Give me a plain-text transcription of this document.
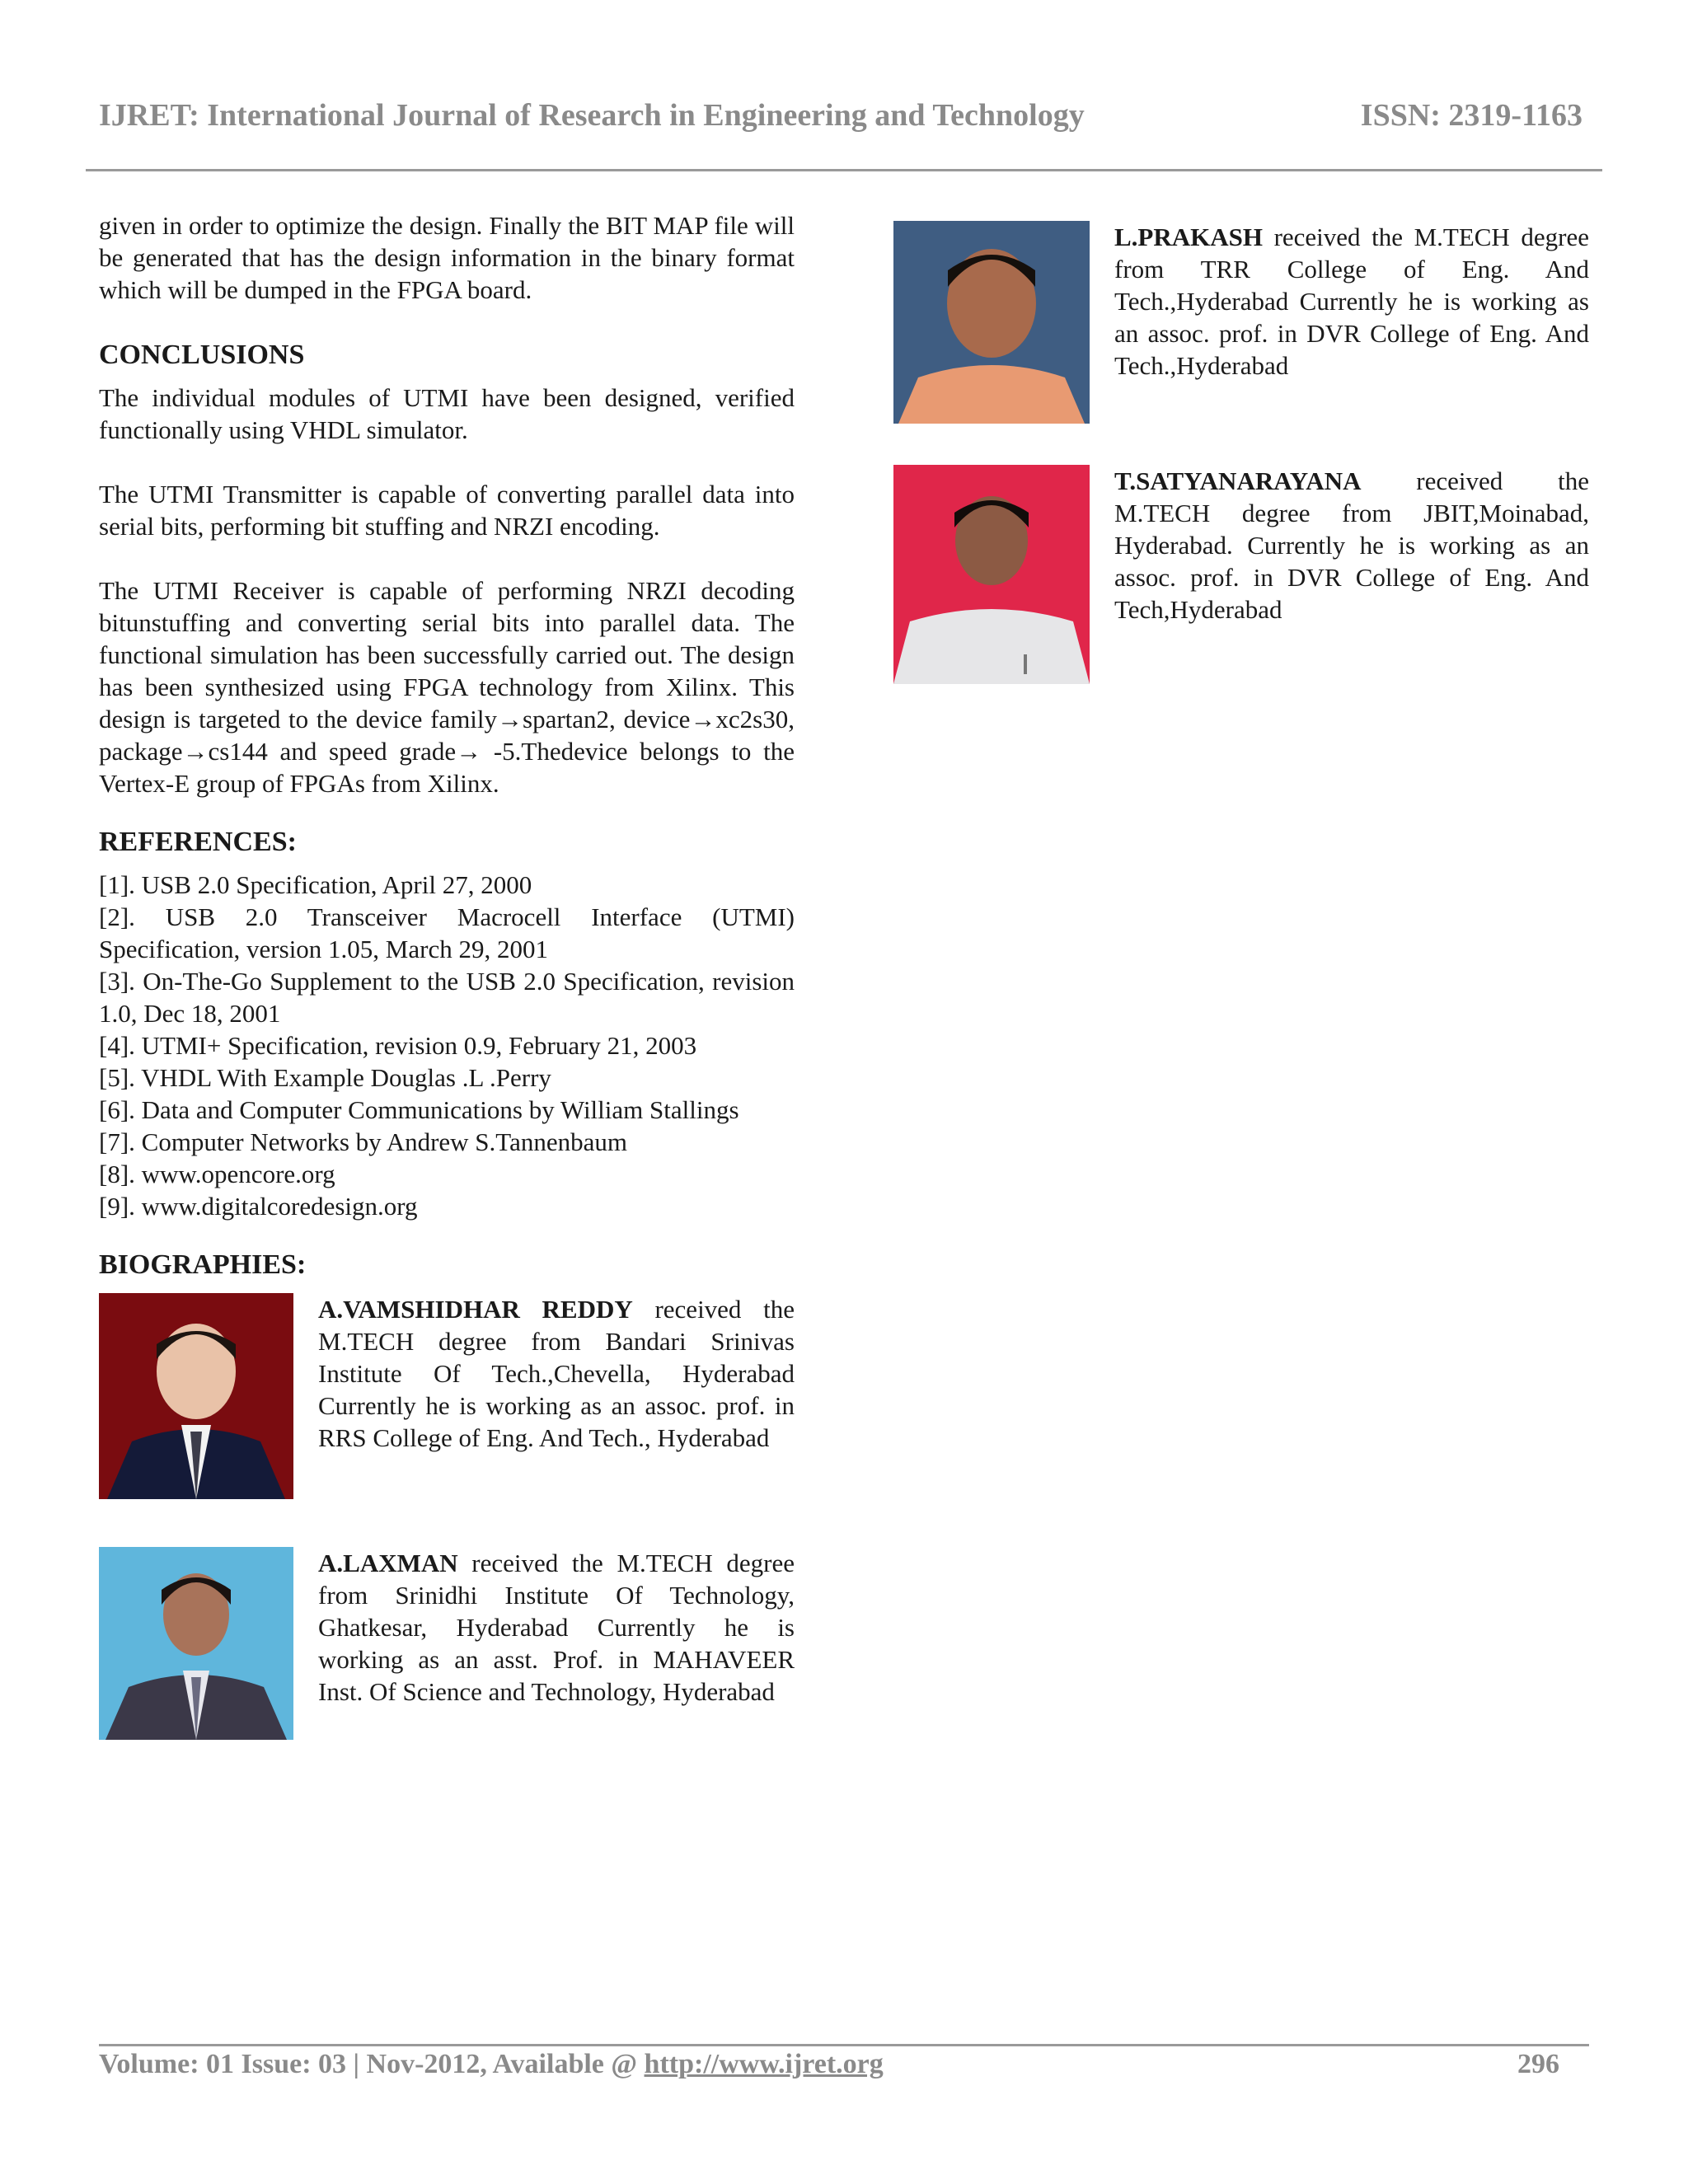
IJRET: International Journal of Research in Engineering and Technology	ISSN: 2319-1163

given in order to optimize the design. Finally the BIT MAP file will be generated that has the design information in the binary format which will be dumped in the FPGA board.

CONCLUSIONS

The individual modules of UTMI have been designed, verified functionally using VHDL simulator.

The UTMI Transmitter is capable of converting parallel data into serial bits, performing bit stuffing and NRZI encoding.

The UTMI Receiver is capable of performing NRZI decoding bitunstuffing and converting serial bits into parallel data. The functional simulation has been successfully carried out. The design has been synthesized using FPGA technology from Xilinx. This design is targeted to the device family→spartan2, device→xc2s30, package→cs144 and speed grade→ -5.Thedevice belongs to the Vertex-E group of FPGAs from Xilinx.

REFERENCES:
[1]. USB 2.0 Specification, April 27, 2000
[2]. USB 2.0 Transceiver Macrocell Interface (UTMI) Specification, version 1.05, March 29, 2001
[3]. On-The-Go Supplement to the USB 2.0 Specification, revision 1.0, Dec 18, 2001
[4]. UTMI+ Specification, revision 0.9, February 21, 2003
[5]. VHDL With Example Douglas .L .Perry
[6]. Data and Computer Communications by William Stallings
[7]. Computer Networks by Andrew S.Tannenbaum
[8]. www.opencore.org
[9]. www.digitalcoredesign.org
BIOGRAPHIES:
A.VAMSHIDHAR REDDY received the M.TECH degree from Bandari Srinivas Institute Of Tech.,Chevella, Hyderabad Currently he is working as an assoc. prof. in RRS College of Eng. And Tech., Hyderabad
A.LAXMAN received the M.TECH degree from Srinidhi Institute Of Technology, Ghatkesar, Hyderabad Currently he is working as an asst. Prof. in MAHAVEER Inst. Of Science and Technology, Hyderabad
L.PRAKASH received the M.TECH degree from TRR College of Eng. And Tech.,Hyderabad Currently he is working as an assoc. prof. in DVR College of Eng. And Tech.,Hyderabad
T.SATYANARAYANA received the M.TECH degree from JBIT,Moinabad, Hyderabad. Currently he is working as an assoc. prof. in DVR College of Eng. And Tech,Hyderabad
Volume: 01 Issue: 03 | Nov-2012, Available @ http://www.ijret.org	296
